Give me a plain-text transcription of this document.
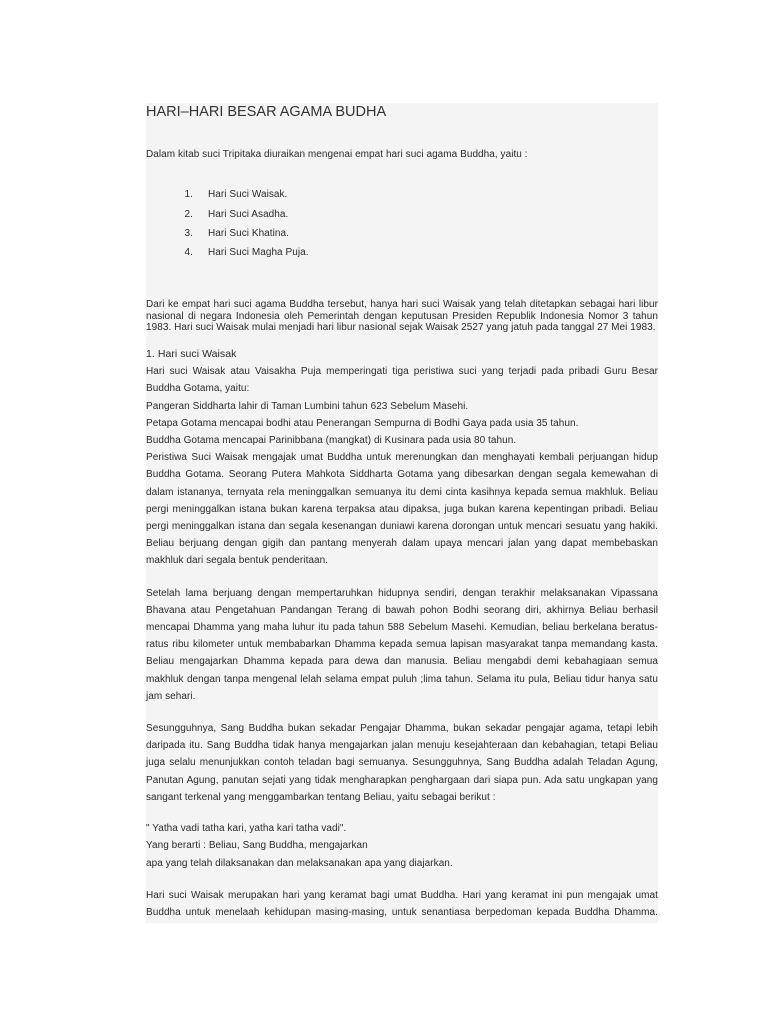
HARI–HARI BESAR AGAMA BUDHA

Dalam kitab suci Tripitaka diuraikan mengenai empat hari suci agama Buddha, yaitu :

1.	Hari Suci Waisak.
2.	Hari Suci Asadha.
3.	Hari Suci Khatina.
4.	Hari Suci Magha Puja.

Dari ke empat hari suci agama Buddha tersebut, hanya hari suci Waisak yang telah ditetapkan sebagai hari libur nasional di negara Indonesia oleh Pemerintah dengan keputusan Presiden Republik Indonesia Nomor 3 tahun 1983. Hari suci Waisak mulai menjadi hari libur nasional sejak Waisak 2527 yang jatuh pada tanggal 27 Mei 1983.

1. Hari suci Waisak

Hari suci Waisak atau Vaisakha Puja memperingati tiga peristiwa suci yang terjadi pada pribadi Guru Besar Buddha Gotama, yaitu:

Pangeran Siddharta lahir di Taman Lumbini tahun 623 Sebelum Masehi.

Petapa Gotama mencapai bodhi atau Penerangan Sempurna di Bodhi Gaya pada usia 35 tahun.

Buddha Gotama mencapai Parinibbana (mangkat) di Kusinara pada usia 80 tahun.

Peristiwa Suci Waisak mengajak umat Buddha untuk merenungkan dan menghayati kembali perjuangan hidup Buddha Gotama. Seorang Putera Mahkota Siddharta Gotama yang dibesarkan dengan segala kemewahan di dalam istananya, ternyata rela meninggalkan semuanya itu demi cinta kasihnya kepada semua makhluk. Beliau pergi meninggalkan istana bukan karena terpaksa atau dipaksa, juga bukan karena kepentingan pribadi. Beliau pergi meninggalkan istana dan segala kesenangan duniawi karena dorongan untuk mencari sesuatu yang hakiki. Beliau berjuang dengan gigih dan pantang menyerah dalam upaya mencari jalan yang dapat membebaskan makhluk dari segala bentuk penderitaan.

Setelah lama berjuang dengan mempertaruhkan hidupnya sendiri, dengan terakhir melaksanakan Vipassana Bhavana atau Pengetahuan Pandangan Terang di bawah pohon Bodhi seorang diri, akhirnya Beliau berhasil mencapai Dhamma yang maha luhur itu pada tahun 588 Sebelum Masehi. Kemudian, beliau berkelana beratus-ratus ribu kilometer untuk membabarkan Dhamma kepada semua lapisan masyarakat tanpa memandang kasta. Beliau mengajarkan Dhamma kepada para dewa dan manusia. Beliau mengabdi demi kebahagiaan semua makhluk dengan tanpa mengenal lelah selama empat puluh ;lima tahun. Selama itu pula, Beliau tidur hanya satu jam sehari.

Sesungguhnya, Sang Buddha bukan sekadar Pengajar Dhamma, bukan sekadar pengajar agama, tetapi lebih daripada itu. Sang Buddha tidak hanya mengajarkan jalan menuju kesejahteraan dan kebahagian, tetapi Beliau juga selalu menunjukkan contoh teladan bagi semuanya. Sesungguhnya, Sang Buddha adalah Teladan Agung, Panutan Agung, panutan sejati yang tidak mengharapkan penghargaan dari siapa pun. Ada satu ungkapan yang sangant terkenal yang menggambarkan tentang Beliau, yaitu sebagai berikut :

" Yatha vadi tatha kari, yatha kari tatha vadi".

Yang berarti : Beliau, Sang Buddha, mengajarkan

apa yang telah dilaksanakan dan melaksanakan apa yang diajarkan.

Hari suci Waisak merupakan hari yang keramat bagi umat Buddha. Hari yang keramat ini pun mengajak umat Buddha untuk menelaah kehidupan masing-masing, untuk senantiasa berpedoman kepada Buddha Dhamma.
